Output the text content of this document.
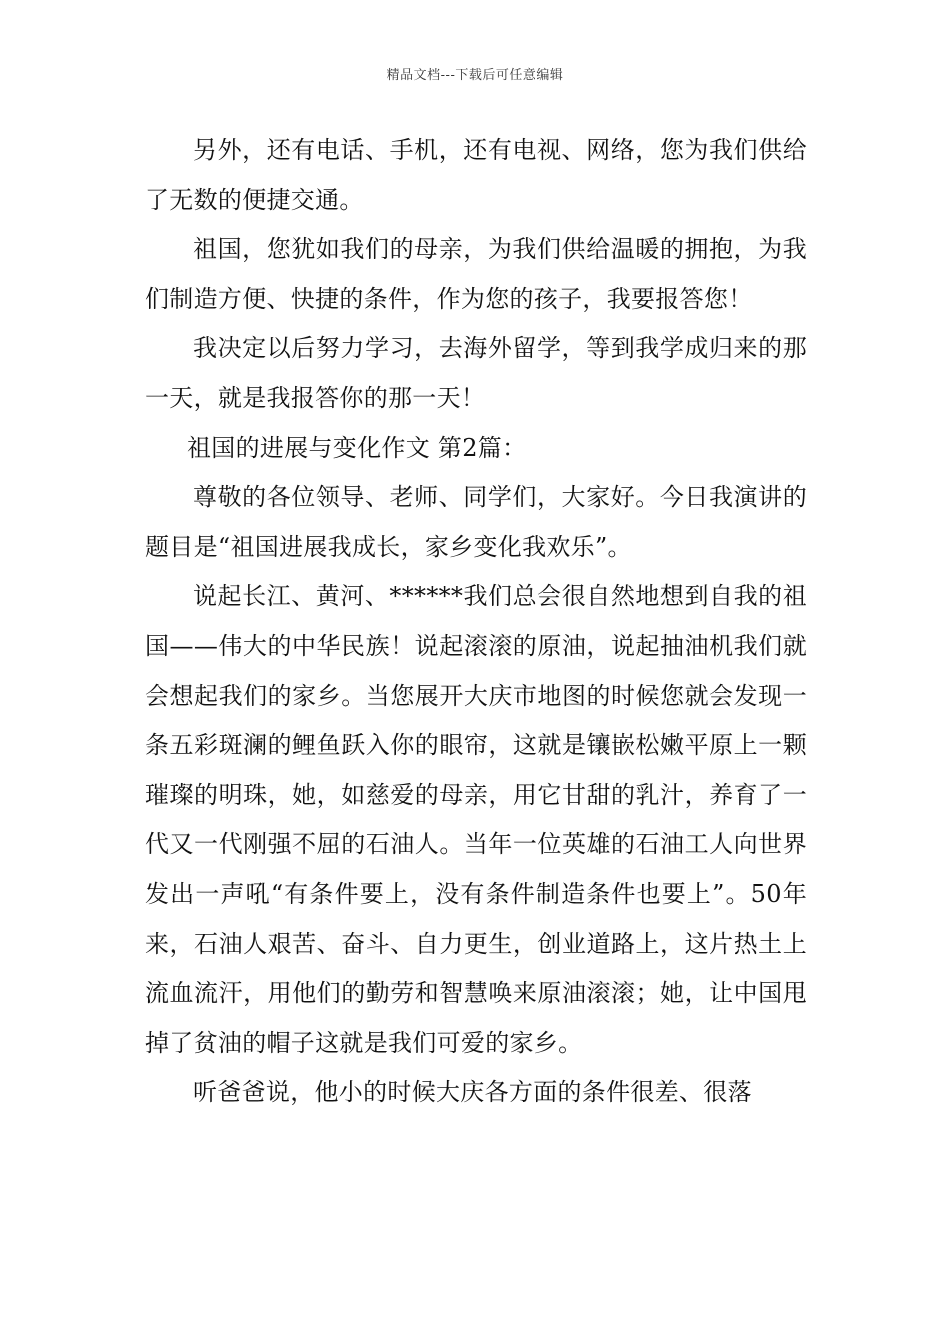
精品文档---下载后可任意编辑

另外，还有电话、手机，还有电视、网络，您为我们供给了无数的便捷交通。

祖国，您犹如我们的母亲，为我们供给温暖的拥抱，为我们制造方便、快捷的条件，作为您的孩子，我要报答您！

我决定以后努力学习，去海外留学，等到我学成归来的那一天，就是我报答你的那一天！

祖国的进展与变化作文 第2篇：

尊敬的各位领导、老师、同学们，大家好。今日我演讲的题目是“祖国进展我成长，家乡变化我欢乐”。

说起长江、黄河、******我们总会很自然地想到自我的祖国——伟大的中华民族！说起滚滚的原油，说起抽油机我们就会想起我们的家乡。当您展开大庆市地图的时候您就会发现一条五彩斑澜的鲤鱼跃入你的眼帘，这就是镶嵌松嫩平原上一颗璀璨的明珠，她，如慈爱的母亲，用它甘甜的乳汁，养育了一代又一代刚强不屈的石油人。当年一位英雄的石油工人向世界发出一声吼“有条件要上，没有条件制造条件也要上”。50年来，石油人艰苦、奋斗、自力更生，创业道路上，这片热土上流血流汗，用他们的勤劳和智慧唤来原油滚滚；她，让中国甩掉了贫油的帽子这就是我们可爱的家乡。

听爸爸说，他小的时候大庆各方面的条件很差、很落
